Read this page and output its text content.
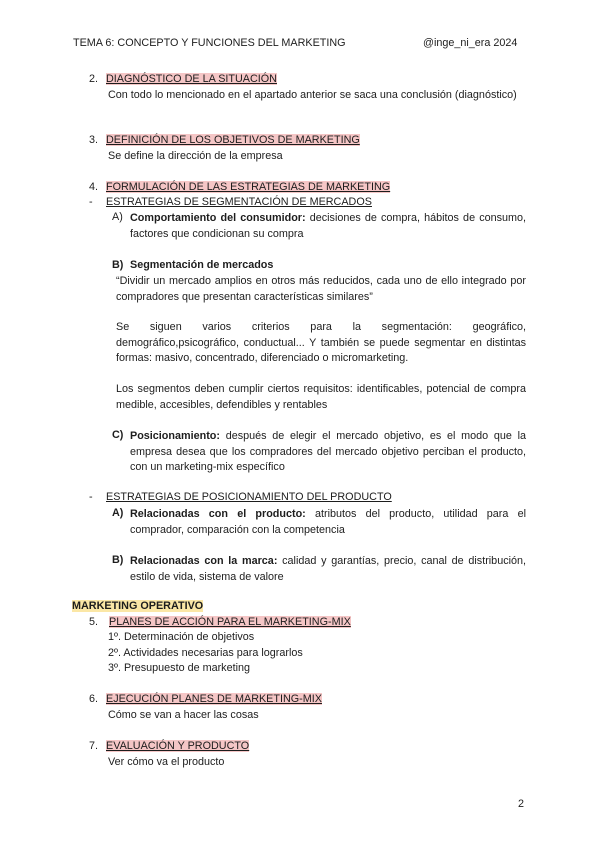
TEMA 6: CONCEPTO Y FUNCIONES DEL MARKETING	@inge_ni_era 2024
2. DIAGNÓSTICO DE LA SITUACIÓN
Con todo lo mencionado en el apartado anterior se saca una conclusión (diagnóstico)
3. DEFINICIÓN DE LOS OBJETIVOS DE MARKETING
Se define la dirección de la empresa
4. FORMULACIÓN DE LAS ESTRATEGIAS DE MARKETING
- ESTRATEGIAS DE SEGMENTACIÓN DE MERCADOS
A) Comportamiento del consumidor: decisiones de compra, hábitos de consumo, factores que condicionan su compra
B) Segmentación de mercados
“Dividir un mercado amplios en otros más reducidos, cada uno de ello integrado por compradores que presentan características similares”
Se siguen varios criterios para la segmentación: geográfico, demográfico,psicográfico, conductual... Y también se puede segmentar en distintas formas: masivo, concentrado, diferenciado o micromarketing.
Los segmentos deben cumplir ciertos requisitos: identificables, potencial de compra medible, accesibles, defendibles y rentables
C) Posicionamiento: después de elegir el mercado objetivo, es el modo que la empresa desea que los compradores del mercado objetivo perciban el producto, con un marketing-mix específico
- ESTRATEGIAS DE POSICIONAMIENTO DEL PRODUCTO
A) Relacionadas con el producto: atributos del producto, utilidad para el comprador, comparación con la competencia
B) Relacionadas con la marca: calidad y garantías, precio, canal de distribución, estilo de vida, sistema de valore
MARKETING OPERATIVO
5. PLANES DE ACCIÓN PARA EL MARKETING-MIX
1º. Determinación de objetivos
2º. Actividades necesarias para lograrlos
3º. Presupuesto de marketing
6. EJECUCIÓN PLANES DE MARKETING-MIX
Cómo se van a hacer las cosas
7. EVALUACIÓN Y PRODUCTO
Ver cómo va el producto
2
